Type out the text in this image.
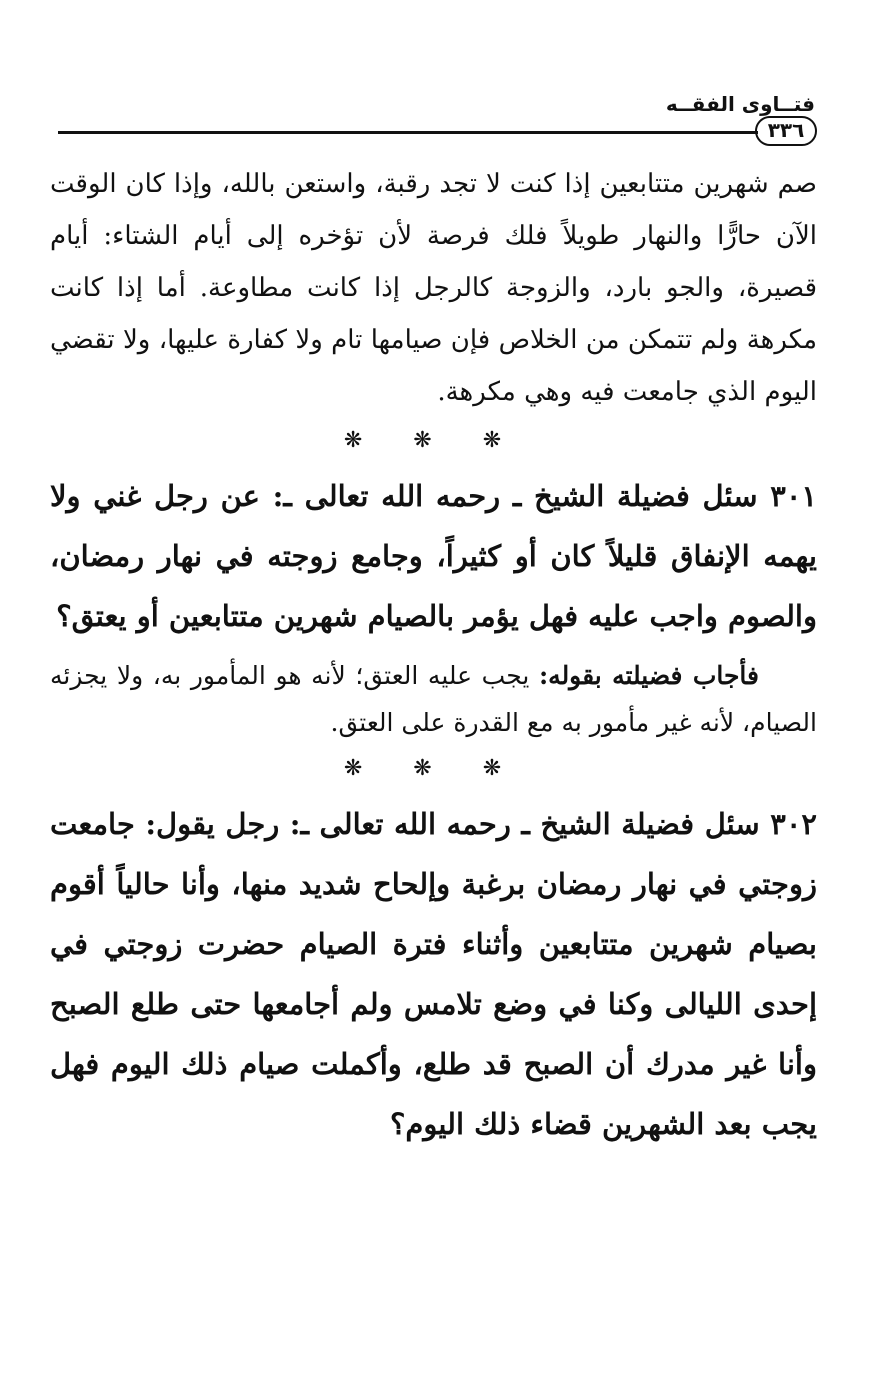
فتــاوى الفقــه
٣٣٦

صم شهرين متتابعين إذا كنت لا تجد رقبة، واستعن بالله، وإذا كان الوقت الآن حارًّا والنهار طويلاً فلك فرصة لأن تؤخره إلى أيام الشتاء: أيام قصيرة، والجو بارد، والزوجة كالرجل إذا كانت مطاوعة. أما إذا كانت مكرهة ولم تتمكن من الخلاص فإن صيامها تام ولا كفارة عليها، ولا تقضي اليوم الذي جامعت فيه وهي مكرهة.

❋ ❋ ❋

٣٠١ سئل فضيلة الشيخ ـ رحمه الله تعالى ـ: عن رجل غني ولا يهمه الإنفاق قليلاً كان أو كثيراً، وجامع زوجته في نهار رمضان، والصوم واجب عليه فهل يؤمر بالصيام شهرين متتابعين أو يعتق؟

فأجاب فضيلته بقوله: يجب عليه العتق؛ لأنه هو المأمور به، ولا يجزئه الصيام، لأنه غير مأمور به مع القدرة على العتق.

❋ ❋ ❋

٣٠٢ سئل فضيلة الشيخ ـ رحمه الله تعالى ـ: رجل يقول: جامعت زوجتي في نهار رمضان برغبة وإلحاح شديد منها، وأنا حالياً أقوم بصيام شهرين متتابعين وأثناء فترة الصيام حضرت زوجتي في إحدى الليالى وكنا في وضع تلامس ولم أجامعها حتى طلع الصبح وأنا غير مدرك أن الصبح قد طلع، وأكملت صيام ذلك اليوم فهل يجب بعد الشهرين قضاء ذلك اليوم؟
